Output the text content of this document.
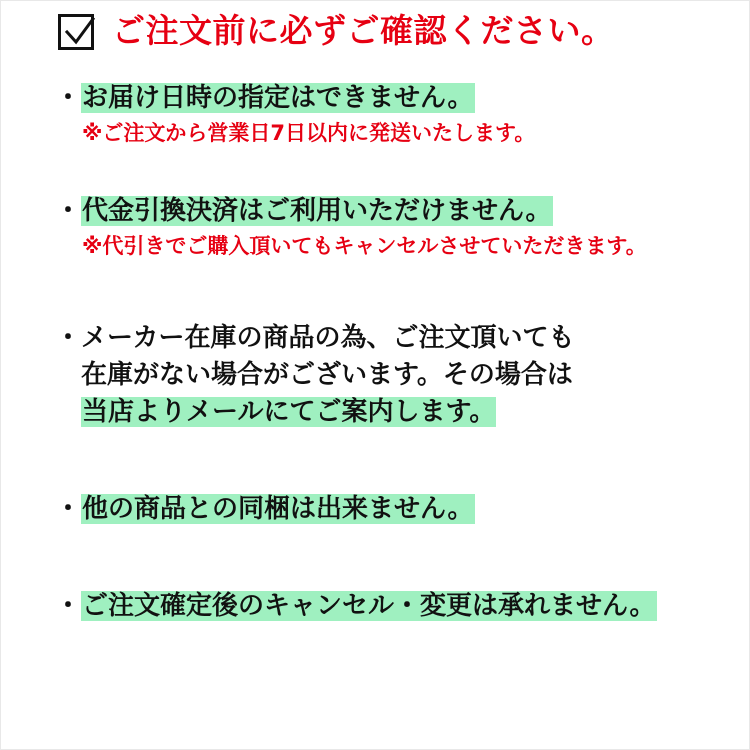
ご注文前に必ずご確認ください。
・ お届け日時の指定はできません。
※ご注文から営業日7日以内に発送いたします。
・ 代金引換決済はご利用いただけません。
※代引きでご購入頂いてもキャンセルさせていただきます。
・ メーカー在庫の商品の為、ご注文頂いても
在庫がない場合がございます。その場合は
当店よりメールにてご案内します。
・ 他の商品との同梱は出来ません。
・ ご注文確定後のキャンセル・変更は承れません。
